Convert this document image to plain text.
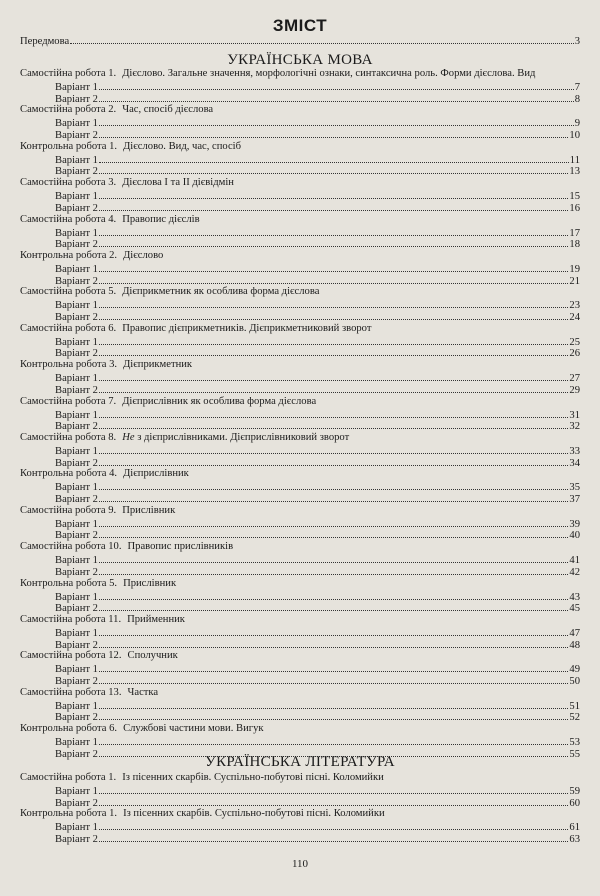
ЗМІСТ
Передмова	3
УКРАЇНСЬКА МОВА
Самостійна робота 1. Дієслово. Загальне значення, морфологічні ознаки, синтаксична роль. Форми дієслова. Вид
Варіант 1	7
Варіант 2	8
Самостійна робота 2. Час, спосіб дієслова
Варіант 1	9
Варіант 2	10
Контрольна робота 1. Дієслово. Вид, час, спосіб
Варіант 1	11
Варіант 2	13
Самостійна робота 3. Дієслова І та ІІ дієвідмін
Варіант 1	15
Варіант 2	16
Самостійна робота 4. Правопис дієслів
Варіант 1	17
Варіант 2	18
Контрольна робота 2. Дієслово
Варіант 1	19
Варіант 2	21
Самостійна робота 5. Дієприкметник як особлива форма дієслова
Варіант 1	23
Варіант 2	24
Самостійна робота 6. Правопис дієприкметників. Дієприкметниковий зворот
Варіант 1	25
Варіант 2	26
Контрольна робота 3. Дієприкметник
Варіант 1	27
Варіант 2	29
Самостійна робота 7. Дієприслівник як особлива форма дієслова
Варіант 1	31
Варіант 2	32
Самостійна робота 8. Не з дієприслівниками. Дієприслівниковий зворот
Варіант 1	33
Варіант 2	34
Контрольна робота 4. Дієприслівник
Варіант 1	35
Варіант 2	37
Самостійна робота 9. Прислівник
Варіант 1	39
Варіант 2	40
Самостійна робота 10. Правопис прислівників
Варіант 1	41
Варіант 2	42
Контрольна робота 5. Прислівник
Варіант 1	43
Варіант 2	45
Самостійна робота 11. Прийменник
Варіант 1	47
Варіант 2	48
Самостійна робота 12. Сполучник
Варіант 1	49
Варіант 2	50
Самостійна робота 13. Частка
Варіант 1	51
Варіант 2	52
Контрольна робота 6. Службові частини мови. Вигук
Варіант 1	53
Варіант 2	55
УКРАЇНСЬКА ЛІТЕРАТУРА
Самостійна робота 1. Із пісенних скарбів. Суспільно-побутові пісні. Коломийки
Варіант 1	59
Варіант 2	60
Контрольна робота 1. Із пісенних скарбів. Суспільно-побутові пісні. Коломийки
Варіант 1	61
Варіант 2	63
110
